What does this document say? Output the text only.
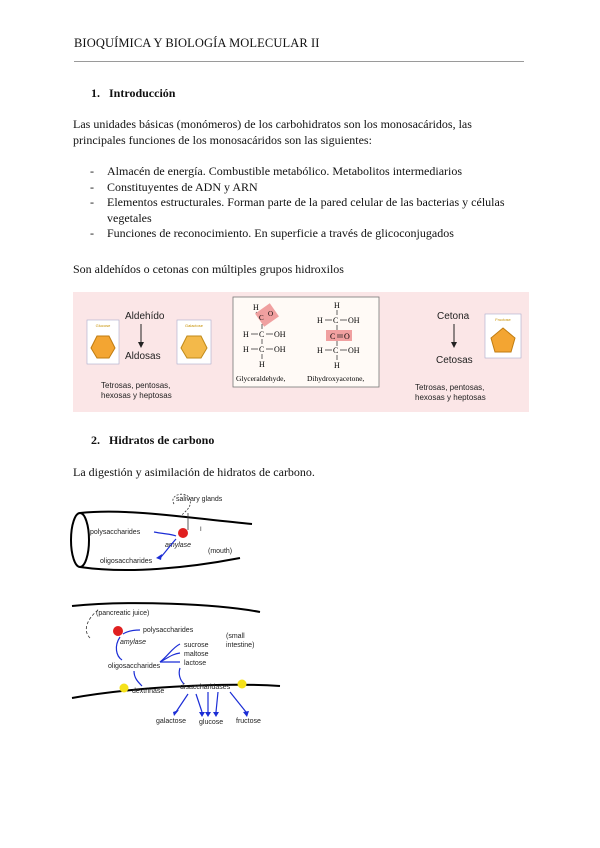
BIOQUÍMICA Y BIOLOGÍA MOLECULAR II
1. Introducción
Las unidades básicas (monómeros) de los carbohidratos son los monosacáridos, las
principales funciones de los monosacáridos son las siguientes:
-	Almacén de energía. Combustible metabólico. Metabolitos intermediarios
-	Constituyentes de ADN y ARN
-	Elementos estructurales. Forman parte de la pared celular de las bacterias y células vegetales
-	Funciones de reconocimiento. En superficie a través de glicoconjugados
Son aldehídos o cetonas con múltiples grupos hidroxilos
Glucose	Galactose
Aldehído
Aldosas
Tetrosas, pentosas,
hexosas y heptosas
H
C O
H C OH
H C OH
H
H
H C OH
C O
H C OH
H
Glyceraldehyde,	Dihydroxyacetone,
Cetona
Cetosas
Tetrosas, pentosas,
hexosas y heptosas
Fructose
2. Hidratos de carbono
La digestión y asimilación de hidratos de carbono.
salivary glands
I
polysaccharides
amylase
(mouth)
oligosaccharides
(pancreatic juice)
polysaccharides
amylase
oligosaccharides
sucrose
maltose
lactose
(small
intestine)
dextrinase
disaccharidases
galactose glucose fructose
